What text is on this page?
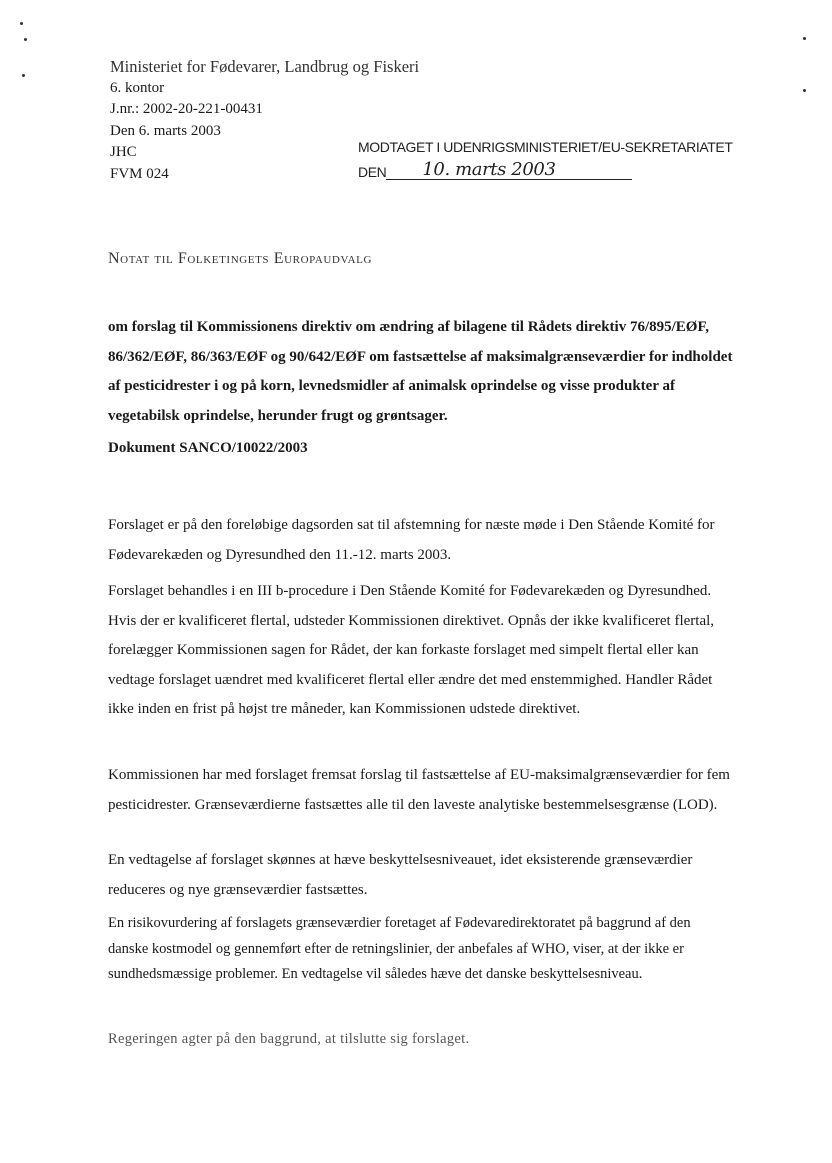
Ministeriet for Fødevarer, Landbrug og Fiskeri
6. kontor
J.nr.: 2002-20-221-00431
Den 6. marts 2003
JHC
FVM 024
MODTAGET I UDENRIGSMINISTERIET/EU-SEKRETARIATET
DEN	10. marts 2003
Notat til Folketingets Europaudvalg
om forslag til Kommissionens direktiv om ændring af bilagene til Rådets direktiv 76/895/EØF, 86/362/EØF, 86/363/EØF og 90/642/EØF om fastsættelse af maksimalgrænseværdier for indholdet af pesticidrester i og på korn, levnedsmidler af animalsk oprindelse og visse produkter af vegetabilsk oprindelse, herunder frugt og grøntsager.
Dokument SANCO/10022/2003

Forslaget er på den foreløbige dagsorden sat til afstemning for næste møde i Den Stående Komité for Fødevarekæden og Dyresundhed den 11.-12. marts 2003.

Forslaget behandles i en III b-procedure i Den Stående Komité for Fødevarekæden og Dyresundhed. Hvis der er kvalificeret flertal, udsteder Kommissionen direktivet. Opnås der ikke kvalificeret flertal, forelægger Kommissionen sagen for Rådet, der kan forkaste forslaget med simpelt flertal eller kan vedtage forslaget uændret med kvalificeret flertal eller ændre det med enstemmighed. Handler Rådet ikke inden en frist på højst tre måneder, kan Kommissionen udstede direktivet.

Kommissionen har med forslaget fremsat forslag til fastsættelse af EU-maksimalgrænseværdier for fem pesticidrester. Grænseværdierne fastsættes alle til den laveste analytiske bestemmelsesgrænse (LOD).

En vedtagelse af forslaget skønnes at hæve beskyttelsesniveauet, idet eksisterende grænseværdier reduceres og nye grænseværdier fastsættes.

En risikovurdering af forslagets grænseværdier foretaget af Fødevaredirektoratet på baggrund af den danske kostmodel og gennemført efter de retningslinier, der anbefales af WHO, viser, at der ikke er sundhedsmæssige problemer. En vedtagelse vil således hæve det danske beskyttelsesniveau.

Regeringen agter på den baggrund, at tilslutte sig forslaget.
